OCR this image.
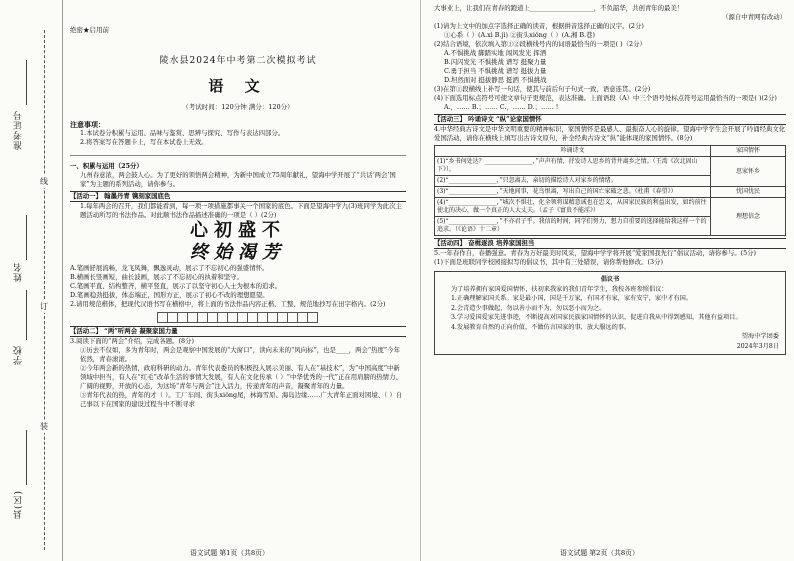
准考证号
姓名
学校
县(区)
线
订
装

绝密★启用前

陵水县2024年中考第二次模拟考试

语 文

（考试时间：120分钟 满分：120分）

注意事项：

1.本试卷分积累与运用、品味与鉴赏、思辨与探究、写作与表达四部分。

2.将答案写在答题卡上，写在本试卷上无效。

一、积累与运用（25分）

九州春意浓，两会鼓人心。为了更好的领悟两会精神，为新中国成立75周年献礼，望海中学开展了“共话‘两会’国家”为主题的系列活动，请你参与。

【活动一】 翰墨丹青 镌刻家国底色

1.每年两会的召开，我们都能看到，每一项一项措施都事关一个国家的底色。下面是望海中学九(3)班同学为此次主题活动所写的书法作品。对此顺书法作品描述准确的一项是（ ）(2分)

心初盛不

终始渴芳

A.笔画舒展流畅，龙飞凤舞，飘逸灵动，展示了不忘初心的强盛情怀。

B.横画长竖画短，曲长波画，展示了不忘初心的执着和坚守。

C.笔画平直、结构整齐，横平竖直，展示了以坚守初心人士为根本的追求。

D.笔画稳劲挺拔，体态端正，国形方正，展示了初心不改的理想愿望。

2.请用规范楷体，把现代汉语书写在横格中，将上面的书法作品内容正楷、工整、规范地抄写在田字格内。(2分)

【活动二】 “两”听两会 凝聚家国力量

3.阅读下面的“两会”介绍，完成各题。(8分)

①历去不仅如，多为青年时，两会是观察中国发展的“大窗口”，读向未来的“风向标”，也是____，两会“热度”今年依然，青春滚滚。

②今年两会新的热情，政府科研的动力。青年代表委员的积极投入展示美丽、有人在“基技术”，为“中国高度”中新领域中担当，有人在“红毛”改革生活的事情大发展，有人在文化传承（ ）“中华优秀的一代”正在用肩膀的热情力、广阔的视野，开放的心态，为这场“青年与两会”注入活力，传递青年的声音，凝聚青年的力量。

③青年代表的热，青年的才（ ）。工厂车间、街头xiǒng尾，林海雪原、海岛边缘……广大青年正面对困境、（ ）自己事以下在国家的建设过程当中不断寻求

语文试题 第1页（共8页）

大事业上，让我们在青春的跑道上____________________，不负韶华，共创青年的最美！

（源自中青网有改动）

(1)请为上文中的加点字选择正确的读音，根据拼音选择正确的汉字。(2分)

①心系（ ）(A.xì B.jì) ②街头xiǒng（ ）(A.湘 B.巷)

(2)结合语境，依次填入第①②段横线号内的词语最恰当的一项是( )（2分）

A.不惧挑战 脚踏实地 闯风发光 挥洒

B.闪闪发光 不惧挑战 谱写 挺聚力量

C.勇于担当 不惧挑战 谱写 挺拔力量

D.坦然面对 挺拔静思 挺洒 不惧挑战

(3)在第①段横线上补写一句话，使其与前后句子句式一致，语意连贯。(2分)

(4)下面选用标点符号可使文章句子更规范，表达准确。上面语段（A）中三个语号处标点符号运用最恰当的一项是( )(2分)

A.，…… B.；…… C.，…… D.；…… !

【活动三】 吟诵诗文 “纵”论家国情怀

4.中华经典古诗文是中华文明重要的精神标识，家国情怀是最感人、最振奋人心的旋律。望海中学学生会开展了吟诵经典文化爱国活动，请你在横线上填写出古诗文原句，补全经典古诗文“纵”能体现的家国情怀。(8分)

吟诵诗文	家国情怀
(1)“乡书何处达？________________，”声声有情，抒发诗人思乡的背井离乡之情。（王湾《次北固山下》）。	思家怀乡
(2)“________________，”只忽离去，亲切的描绘诗人对家乡的情绪。	
(3)“________________，”天地间事，花鸟恨离，写出自己的国亡家破之悲。（杜甫《春望》）	忧国忧民
(4)“________________，”城次不惧壮，化全领将谋精意诚也在忠义，从国家民族的利益出发，如约前往使北的决心，做一个真正的人大丈夫。（孟子《富贵不能淫》）	理想信念
(5)“________________，”不亦君子乎。我信的时间，同学们努力，想力自重要的选择能给我这样一个的追求。（《论语》十二章）	

【活动四】 奋楫逐浪 培养家国担当

5.一年春作自，春播强意。青春为万好最美时风采，望海中学学将开展“爱家国我先行”倡议活动，请你参与。(5分)

(1)下面是班联同学校园接拟写的倡议书，其中有三处错误，请你帮他修改。(3分)

倡议书

为了培养拥有家国爱国情怀，扶初来我家的我们青年学生，我校各班参照倡议：

1.正确理解家国关系。家是最小国，国是千万家，有国才有家，家有安宁，家中才有国。

2.会青造少事做起，勿以善小而不为，勿以恶小而为之。

3.学习爱国爱家先进事迹，不断提高对国家民族家国情怀的认识，促进自我从中得到感知，其他有益项目。

4.发展教育自然的正向价值，不做仿言国家的事，放大服远的事。

望海中学团委

2024年3月8日

语文试题 第2页（共8页）
